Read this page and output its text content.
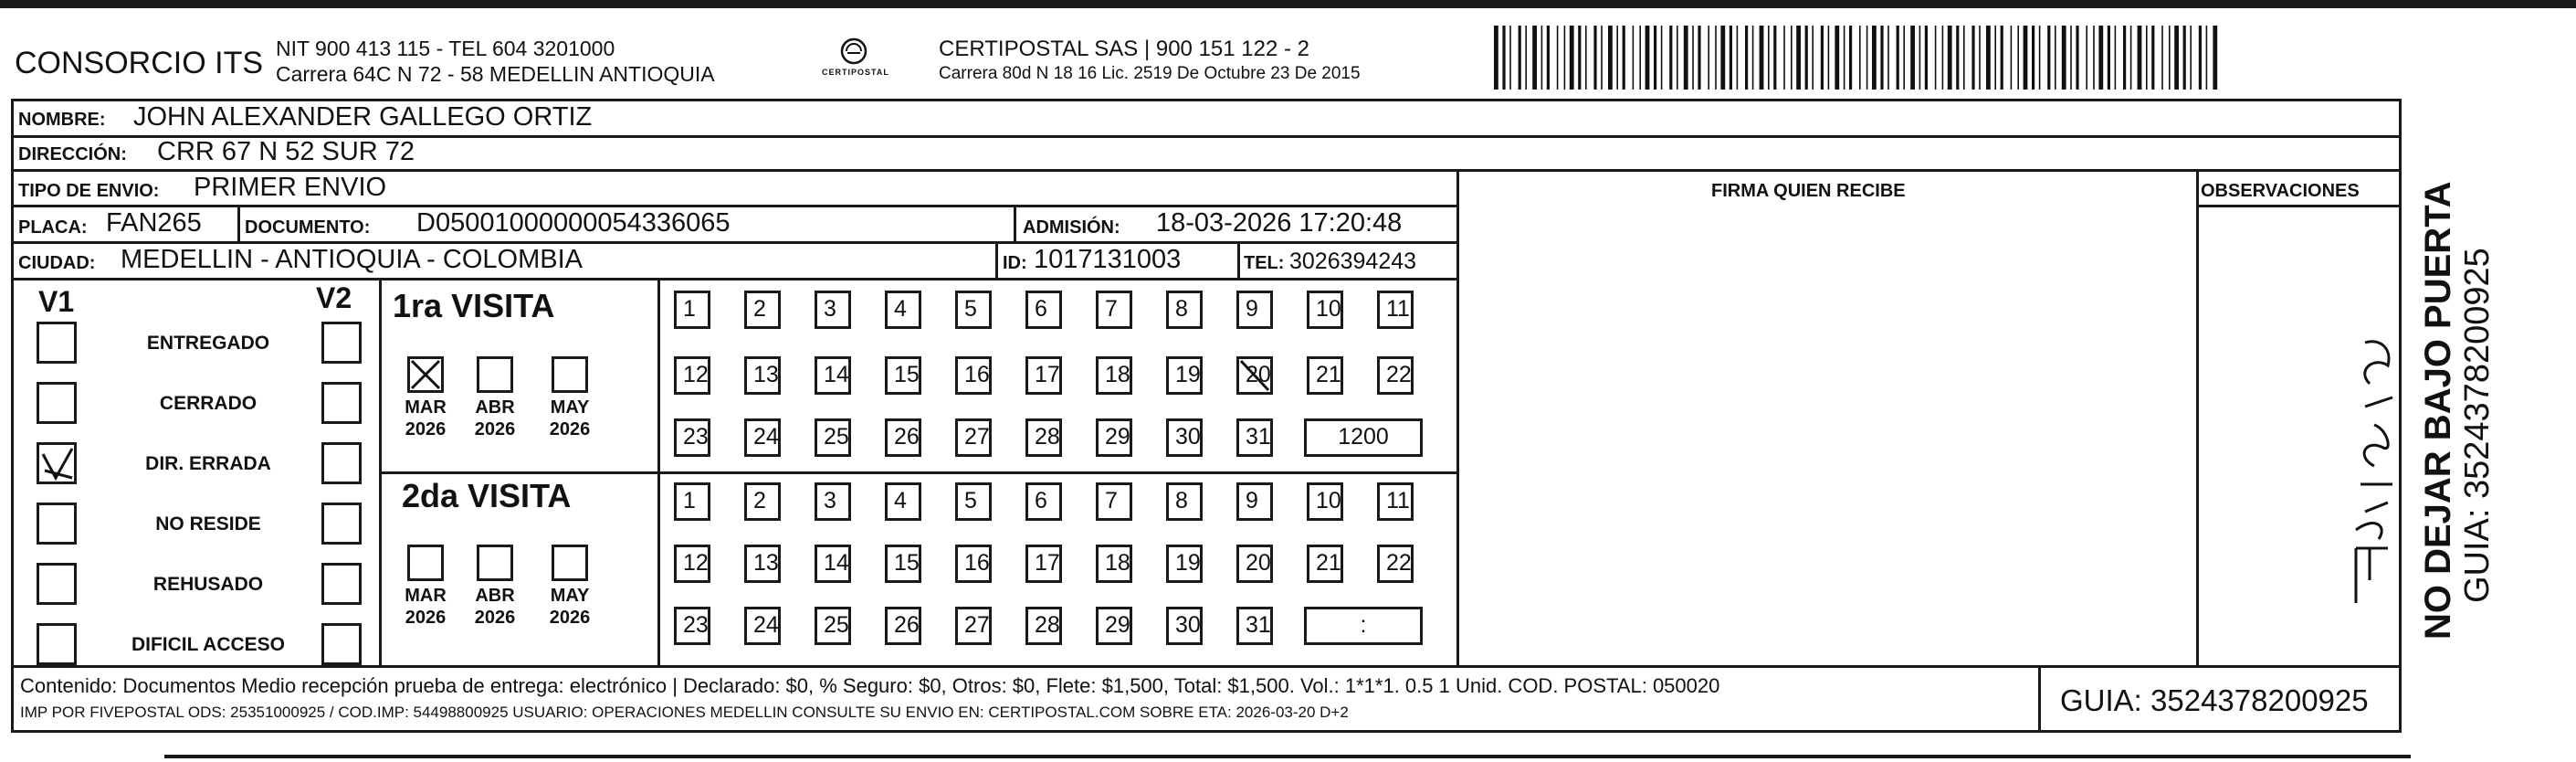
CONSORCIO ITS NIT 900 413 115 - TEL 604 3201000
Carrera 64C N 72 - 58 MEDELLIN ANTIOQUIA	CERTIPOSTAL
CERTIPOSTAL SAS | 900 151 122 - 2
Carrera 80d N 18 16 Lic. 2519 De Octubre 23 De 2015
NOMBRE: JOHN ALEXANDER GALLEGO ORTIZ
DIRECCIÓN: CRR 67 N 52 SUR 72
TIPO DE ENVIO: PRIMER ENVIO	FIRMA QUIEN RECIBE	OBSERVACIONES
PLACA: FAN265 DOCUMENTO: D05001000000054336065	ADMISIÓN: 18-03-2026 17:20:48
CIUDAD: MEDELLIN - ANTIOQUIA - COLOMBIA	ID: 1017131003	TEL: 3026394243
V1	V2
ENTREGADO
CERRADO
DIR. ERRADA
NO RESIDE
REHUSADO
DIFICIL ACCESO
1ra VISITA
2da VISITA
MAR
2026
ABR
2026
MAY
2026
MAR
2026
ABR
2026
MAY
2026
1	2	3	4	5	6	7	8	9	10	11
12	13	14	15	16	17	18	19	20	21	22
23	24	25	26	27	28	29	30	31	1200
1	2	3	4	5	6	7	8	9	10	11
12	13	14	15	16	17	18	19	20	21	22
23	24	25	26	27	28	29	30	31	:	NO DEJAR BAJO PUERTA GUIA: 3524378200925
Contenido: Documentos Medio recepción prueba de entrega: electrónico | Declarado: $0, % Seguro: $0, Otros: $0, Flete: $1,500, Total: $1,500. Vol.: 1*1*1. 0.5 1 Unid. COD. POSTAL: 050020
IMP POR FIVEPOSTAL ODS: 25351000925 / COD.IMP: 54498800925 USUARIO: OPERACIONES MEDELLIN CONSULTE SU ENVIO EN: CERTIPOSTAL.COM SOBRE ETA: 2026-03-20 D+2	GUIA: 3524378200925
